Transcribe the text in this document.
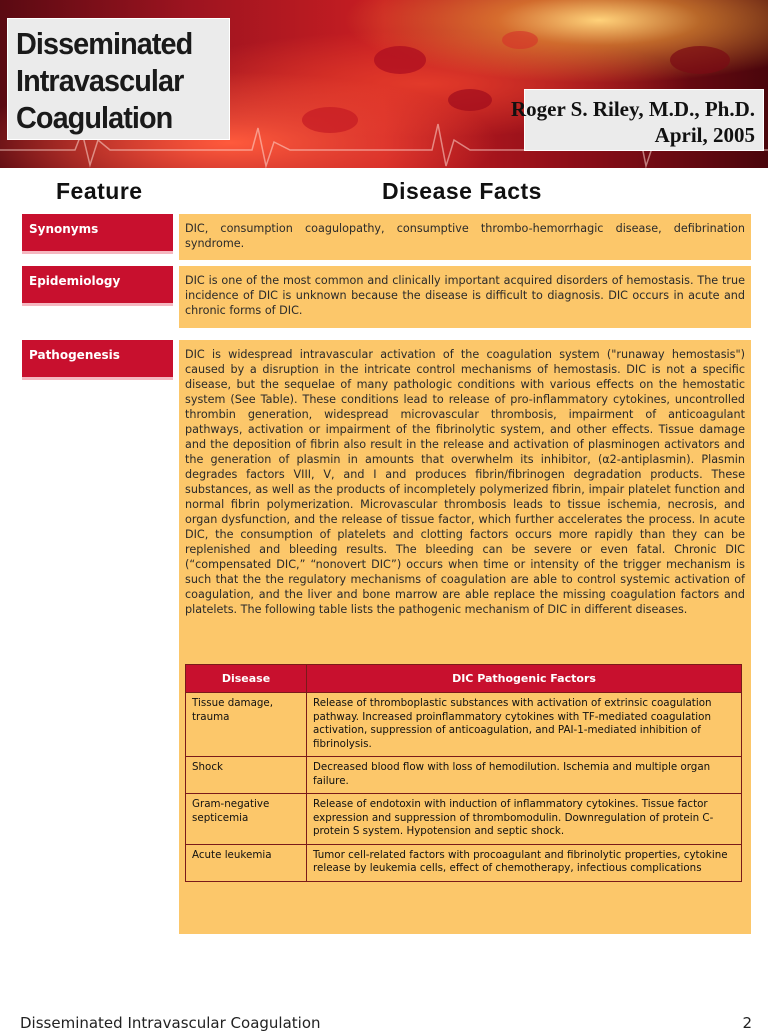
Disseminated
Intravascular
Coagulation	Roger S. Riley, M.D., Ph.D.
April, 2005
Feature	Disease Facts
Synonyms	DIC, consumption coagulopathy, consumptive thrombo-hemorrhagic disease, defibrination syndrome.
Epidemiology	DIC is one of the most common and clinically important acquired disorders of hemostasis. The true incidence of DIC is unknown because the disease is difficult to diagnosis. DIC occurs in acute and chronic forms of DIC.
Pathogenesis	DIC is widespread intravascular activation of the coagulation system ("runaway hemostasis") caused by a disruption in the intricate control mechanisms of hemostasis. DIC is not a specific disease, but the sequelae of many pathologic conditions with various effects on the hemostatic system (See Table). These conditions lead to release of pro-inflammatory cytokines, uncontrolled thrombin generation, widespread microvascular thrombosis, impairment of anticoagulant pathways, activation or impairment of the fibrinolytic system, and other effects. Tissue damage and the deposition of fibrin also result in the release and activation of plasminogen activators and the generation of plasmin in amounts that overwhelm its inhibitor, (α2-antiplasmin). Plasmin degrades factors VIII, V, and I and produces fibrin/fibrinogen degradation products. These substances, as well as the products of incompletely polymerized fibrin, impair platelet function and normal fibrin polymerization. Microvascular thrombosis leads to tissue ischemia, necrosis, and organ dysfunction, and the release of tissue factor, which further accelerates the process. In acute DIC, the consumption of platelets and clotting factors occurs more rapidly than they can be replenished and bleeding results. The bleeding can be severe or even fatal. Chronic DIC (“compensated DIC,” “nonovert DIC”) occurs when time or intensity of the trigger mechanism is such that the the regulatory mechanisms of coagulation are able to control systemic activation of coagulation, and the liver and bone marrow are able replace the missing coagulation factors and platelets. The following table lists the pathogenic mechanism of DIC in different diseases.
Disease	DIC Pathogenic Factors
Tissue damage, trauma	Release of thromboplastic substances with activation of extrinsic coagulation pathway. Increased proinflammatory cytokines with TF-mediated coagulation activation, suppression of anticoagulation, and PAI-1-mediated inhibition of fibrinolysis.
Shock	Decreased blood flow with loss of hemodilution. Ischemia and multiple organ failure.
Gram-negative septicemia	Release of endotoxin with induction of inflammatory cytokines. Tissue factor expression and suppression of thrombomodulin. Downregulation of protein C-protein S system. Hypotension and septic shock.
Acute leukemia	Tumor cell-related factors with procoagulant and fibrinolytic properties, cytokine release by leukemia cells, effect of chemotherapy, infectious complications
Disseminated Intravascular Coagulation	2
